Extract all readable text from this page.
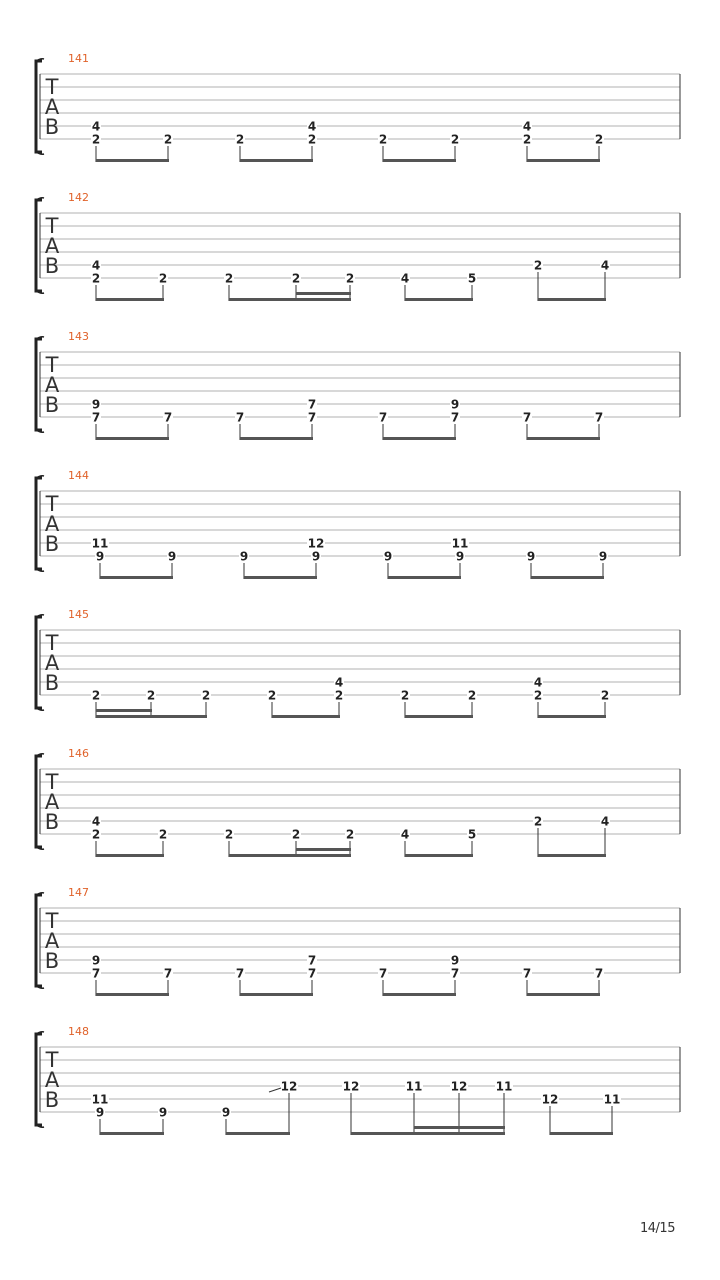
T
A
B
141
4
2	2	2
4
2	2	2
4
2	2
T
A
B
142
4
2	2	2	2	2	4	5
2	4
T
A
B
143
9
7	7	7
7
7	7
9
7	7	7
T
A
B
144
11
9	9	9
12
9	9
11
9	9	9
T
A
B
145
2	2	2	2
4
2	2	2
4
2	2
T
A
B
146
4
2	2	2	2	2	4	5
2	4
T
A
B
147
9
7	7	7
7
7	7
9
7	7	7
T
A
B
148
11
9	9	9
12	12	11 12 11
12	11
14/15
